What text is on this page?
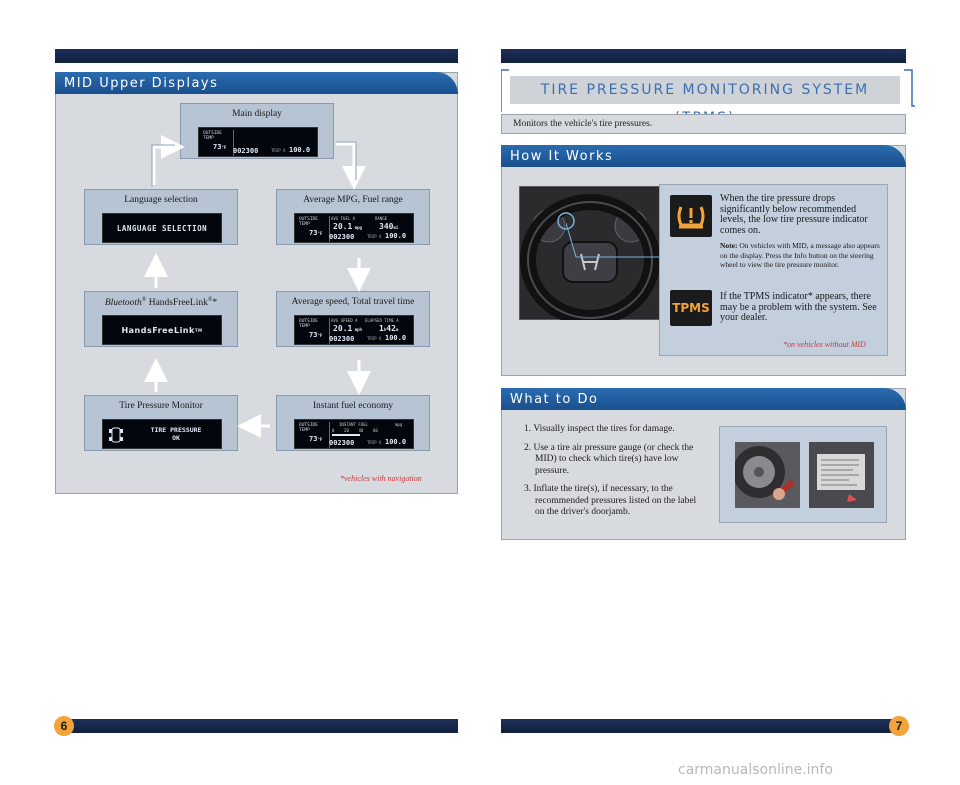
MID Upper Displays
Main display
OUTSIDE
TEMP
73°F 002300	TRIP A 100.0
Language selection
LANGUAGE SELECTION
Average MPG, Fuel range
OUTSIDE
TEMP
73°F
AVG FUEL A	RANGE
20.1 mpg 340mi
002300	TRIP A 100.0
Bluetooth® HandsFreeLink®*
HandsFreeLink TM
Average speed, Total travel time
OUTSIDE
TEMP
73°F
AVG SPEED A ELAPSED TIME A
20.1 mph 1h42m
002300	TRIP A 100.0
Tire Pressure Monitor
TIRE PRESSURE
OK
Instant fuel economy
OUTSIDE
TEMP
73°F
INSTANT FUEL	mpg
0    20    40    60
002300	TRIP A 100.0
*vehicles with navigation
TIRE PRESSURE MONITORING SYSTEM
Monitors the vehicle's tire pressures.
How It Works
When the tire pressure drops significantly below recommended levels, the low tire pressure indicator comes on.
Note: On vehicles with MID, a message also appears on the display. Press the Info button on the steering wheel to view the tire pressure monitor.
TPMS
If the TPMS indicator* appears, there may be a problem with the system. See your dealer.
*on vehicles without MID
What to Do
1. Visually inspect the tires for damage.
2. Use a tire air pressure gauge (or check the MID) to check which tire(s) have low pressure.
3. Inflate the tire(s), if necessary, to the recommended pressures listed on the label on the driver's doorjamb.
6	7
carmanualsonline.info
